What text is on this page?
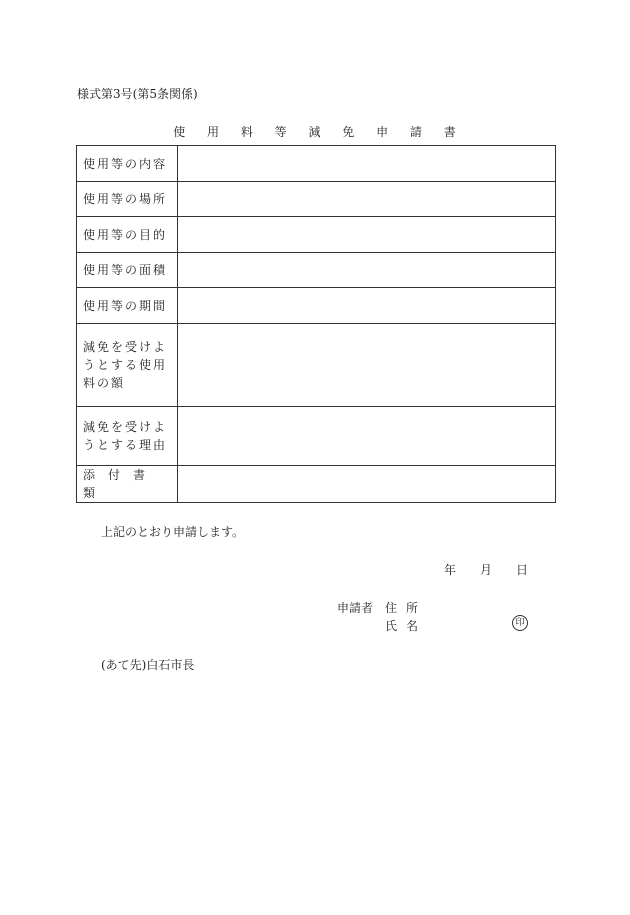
様式第3号(第5条関係)
使 用 料 等 減 免 申 請 書
使用等の内容	
使用等の場所	
使用等の目的	
使用等の面積	
使用等の期間	
減免を受けようとする使用料の額	
減免を受けようとする理由	
添付書類	
上記のとおり申請します。
年 月 日
申請者 住所
氏名	印
(あて先)白石市長
